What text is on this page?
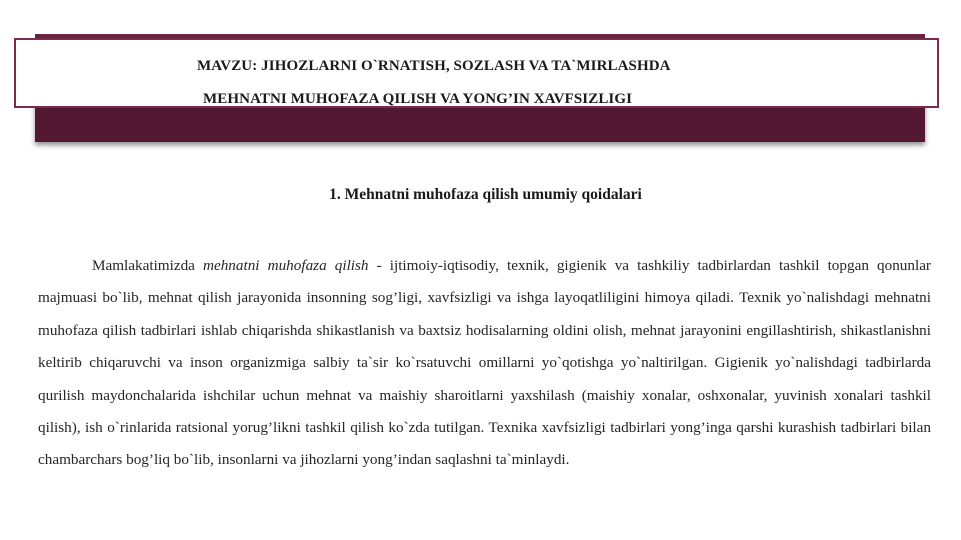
MAVZU: JIHOZLARNI O`RNATISH, SOZLASH VA TA`MIRLASHDA
MEHNATNI MUHOFAZA QILISH VA YONG’IN XAVFSIZLIGI
1. Mehnatni muhofaza qilish umumiy qoidalari
Mamlakatimizda mehnatni muhofaza qilish - ijtimoiy-iqtisodiy, texnik, gigienik va tashkiliy tadbirlardan tashkil topgan qonunlar majmuasi bo`lib, mehnat qilish jarayonida insonning sog’ligi, xavfsizligi va ishga layoqatliligini himoya qiladi. Texnik yo`nalishdagi mehnatni muhofaza qilish tadbirlari ishlab chiqarishda shikastlanish va baxtsiz hodisalarning oldini olish, mehnat jarayonini engillashtirish, shikastlanishni keltirib chiqaruvchi va inson organizmiga salbiy ta`sir ko`rsatuvchi omillarni yo`qotishga yo`naltirilgan. Gigienik yo`nalishdagi tadbirlarda qurilish maydonchalarida ishchilar uchun mehnat va maishiy sharoitlarni yaxshilash (maishiy xonalar, oshxonalar, yuvinish xonalari tashkil qilish), ish o`rinlarida ratsional yorug’likni tashkil qilish ko`zda tutilgan. Texnika xavfsizligi tadbirlari yong’inga qarshi kurashish tadbirlari bilan chambarchars bog’liq bo`lib, insonlarni va jihozlarni yong’indan saqlashni ta`minlaydi.
